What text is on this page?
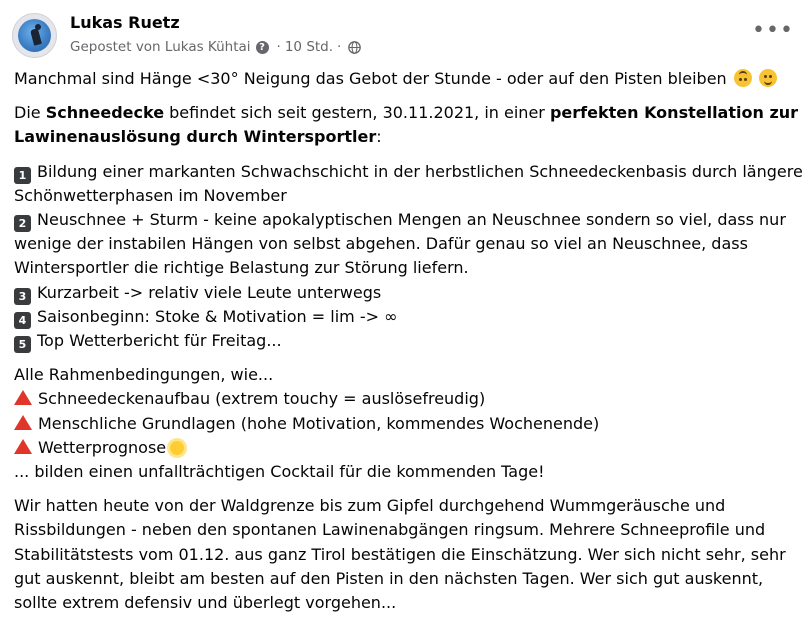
Lukas Ruetz
Gepostet von Lukas Kühtai ? · 10 Std. ·
•••
Manchmal sind Hänge <30° Neigung das Gebot der Stunde - oder auf den Pisten bleiben

Die Schneedecke befindet sich seit gestern, 30.11.2021, in einer perfekten Konstellation zur
Lawinenauslösung durch Wintersportler:
1 Bildung einer markanten Schwachschicht in der herbstlichen Schneedeckenbasis durch längere
Schönwetterphasen im November
2 Neuschnee + Sturm - keine apokalyptischen Mengen an Neuschnee sondern so viel, dass nur
wenige der instabilen Hängen von selbst abgehen. Dafür genau so viel an Neuschnee, dass
Wintersportler die richtige Belastung zur Störung liefern.
3 Kurzarbeit -> relativ viele Leute unterwegs
4 Saisonbeginn: Stoke & Motivation = lim -> ∞
5 Top Wetterbericht für Freitag...
Alle Rahmenbedingungen, wie...
Schneedeckenaufbau (extrem touchy = auslösefreudig)
Menschliche Grundlagen (hohe Motivation, kommendes Wochenende)
Wetterprognose
... bilden einen unfallträchtigen Cocktail für die kommenden Tage!
Wir hatten heute von der Waldgrenze bis zum Gipfel durchgehend Wummgeräusche und
Rissbildungen - neben den spontanen Lawinenabgängen ringsum. Mehrere Schneeprofile und
Stabilitätstests vom 01.12. aus ganz Tirol bestätigen die Einschätzung. Wer sich nicht sehr, sehr
gut auskennt, bleibt am besten auf den Pisten in den nächsten Tagen. Wer sich gut auskennt,
sollte extrem defensiv und überlegt vorgehen...
